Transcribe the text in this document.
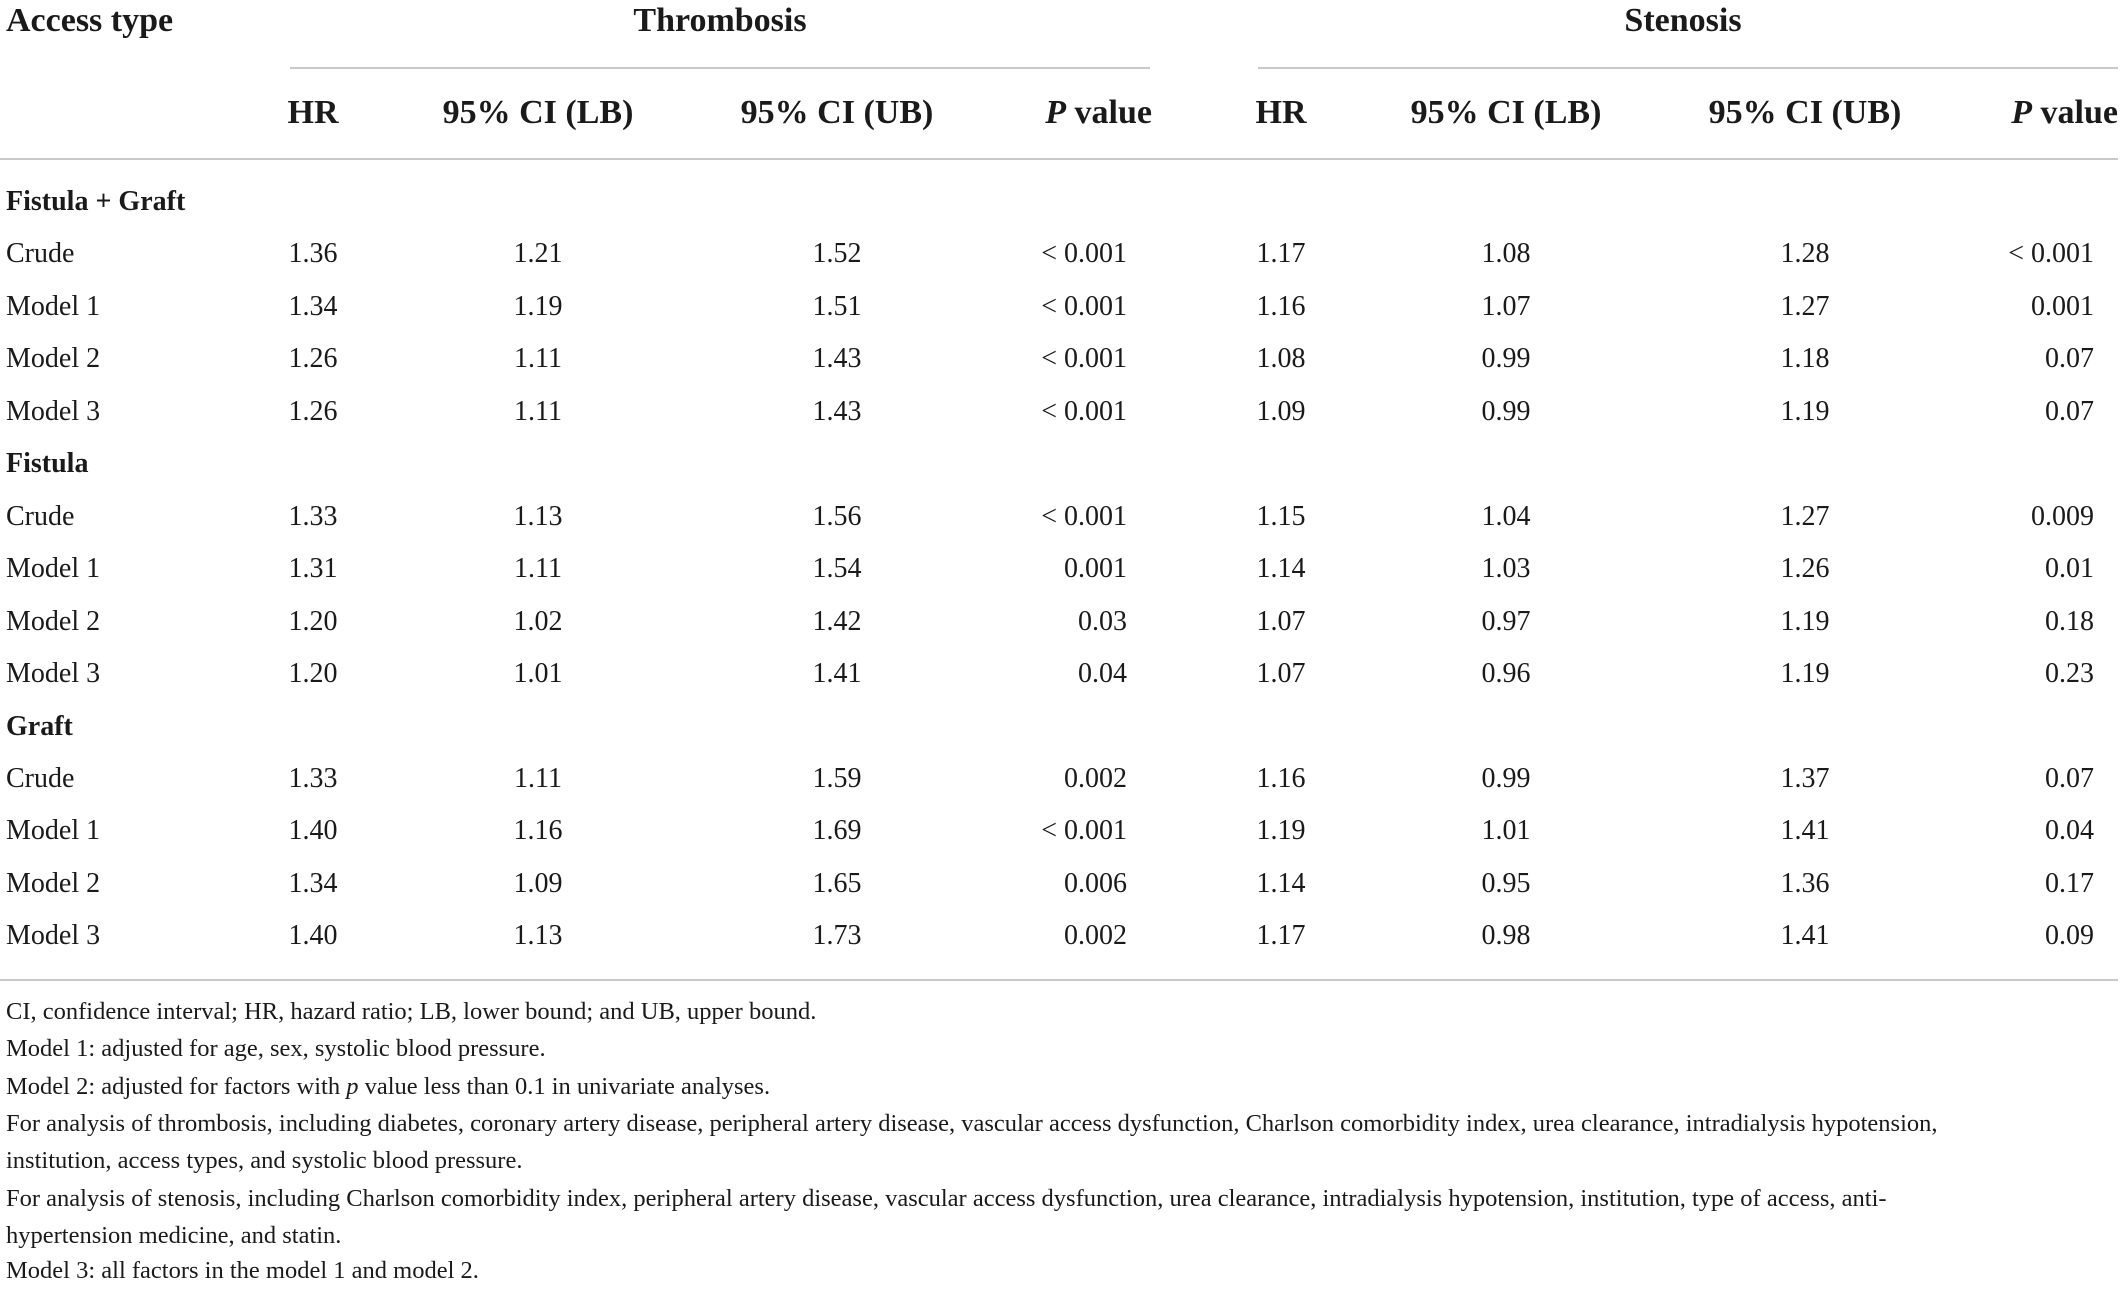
Access type	Thrombosis	Stenosis
HR	95% CI (LB)	95% CI (UB)	P value	HR	95% CI (LB)	95% CI (UB)	P value
Fistula + Graft
Crude	1.36	1.21	1.52	< 0.001	1.17	1.08	1.28	< 0.001
Model 1	1.34	1.19	1.51	< 0.001	1.16	1.07	1.27	0.001
Model 2	1.26	1.11	1.43	< 0.001	1.08	0.99	1.18	0.07
Model 3	1.26	1.11	1.43	< 0.001	1.09	0.99	1.19	0.07
Fistula
Crude	1.33	1.13	1.56	< 0.001	1.15	1.04	1.27	0.009
Model 1	1.31	1.11	1.54	0.001	1.14	1.03	1.26	0.01
Model 2	1.20	1.02	1.42	0.03	1.07	0.97	1.19	0.18
Model 3	1.20	1.01	1.41	0.04	1.07	0.96	1.19	0.23
Graft
Crude	1.33	1.11	1.59	0.002	1.16	0.99	1.37	0.07
Model 1	1.40	1.16	1.69	< 0.001	1.19	1.01	1.41	0.04
Model 2	1.34	1.09	1.65	0.006	1.14	0.95	1.36	0.17
Model 3	1.40	1.13	1.73	0.002	1.17	0.98	1.41	0.09
CI, confidence interval; HR, hazard ratio; LB, lower bound; and UB, upper bound.
Model 1: adjusted for age, sex, systolic blood pressure.
Model 2: adjusted for factors with p value less than 0.1 in univariate analyses.
For analysis of thrombosis, including diabetes, coronary artery disease, peripheral artery disease, vascular access dysfunction, Charlson comorbidity index, urea clearance, intradialysis hypotension,
institution, access types, and systolic blood pressure.
For analysis of stenosis, including Charlson comorbidity index, peripheral artery disease, vascular access dysfunction, urea clearance, intradialysis hypotension, institution, type of access, anti-
hypertension medicine, and statin.
Model 3: all factors in the model 1 and model 2.
